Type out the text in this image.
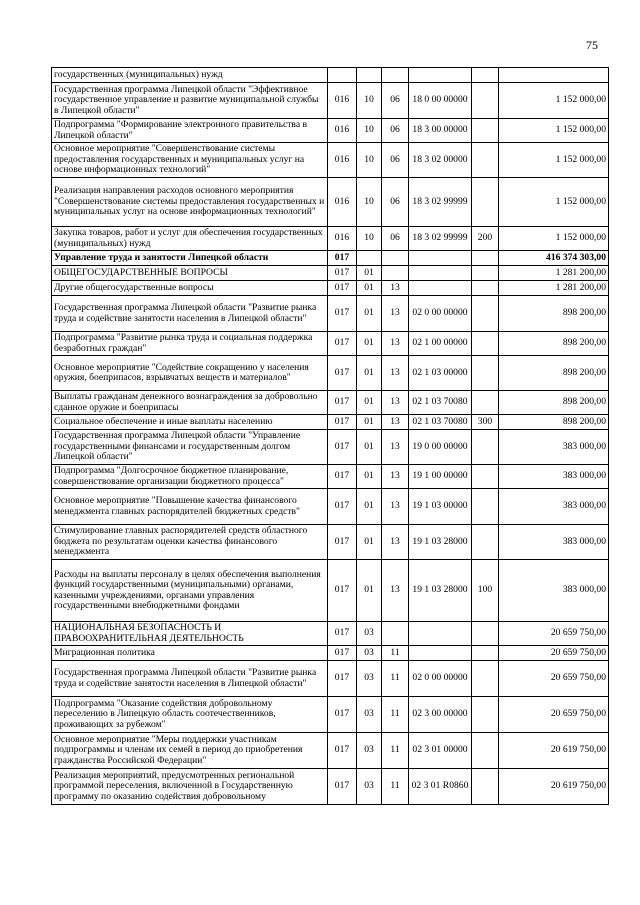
75
государственных (муниципальных) нужд						
Государственная программа Липецкой области "Эффективное государственное управление и развитие муниципальной службы в Липецкой области"	016	10	06	18 0 00 00000		1 152 000,00
Подпрограмма "Формирование электронного правительства в Липецкой области"	016	10	06	18 3 00 00000		1 152 000,00
Основное мероприятие "Совершенствование системы предоставления государственных и муниципальных услуг на основе информационных технологий"	016	10	06	18 3 02 00000		1 152 000,00
Реализация направления расходов основного мероприятия "Совершенствование системы предоставления государственных и муниципальных услуг на основе информационных технологий"	016	10	06	18 3 02 99999		1 152 000,00
Закупка товаров, работ и услуг для обеспечения государственных (муниципальных) нужд	016	10	06	18 3 02 99999	200	1 152 000,00
Управление труда и занятости Липецкой области	017					416 374 303,00
ОБЩЕГОСУДАРСТВЕННЫЕ ВОПРОСЫ	017	01				1 281 200,00
Другие общегосударственные вопросы	017	01	13			1 281 200,00
Государственная программа Липецкой области "Развитие рынка труда и содействие занятости населения в Липецкой области"	017	01	13	02 0 00 00000		898 200,00
Подпрограмма "Развитие рынка труда и социальная поддержка безработных граждан"	017	01	13	02 1 00 00000		898 200,00
Основное мероприятие "Содействие сокращению у населения оружия, боеприпасов, взрывчатых веществ и материалов"	017	01	13	02 1 03 00000		898 200,00
Выплаты гражданам денежного вознаграждения за добровольно сданное оружие и боеприпасы	017	01	13	02 1 03 70080		898 200,00
Социальное обеспечение и иные выплаты населению	017	01	13	02 1 03 70080	300	898 200,00
Государственная программа Липецкой области "Управление государственными финансами и государственным долгом Липецкой области"	017	01	13	19 0 00 00000		383 000,00
Подпрограмма "Долгосрочное бюджетное планирование, совершенствование организации бюджетного процесса"	017	01	13	19 1 00 00000		383 000,00
Основное мероприятие "Повышение качества финансового менеджмента главных распорядителей бюджетных средств"	017	01	13	19 1 03 00000		383 000,00
Стимулирование главных распорядителей средств областного бюджета по результатам оценки качества финансового менеджмента	017	01	13	19 1 03 28000		383 000,00
Расходы на выплаты персоналу в целях обеспечения выполнения функций государственными (муниципальными) органами, казенными учреждениями, органами управления государственными внебюджетными фондами	017	01	13	19 1 03 28000	100	383 000,00
НАЦИОНАЛЬНАЯ БЕЗОПАСНОСТЬ И ПРАВООХРАНИТЕЛЬНАЯ ДЕЯТЕЛЬНОСТЬ	017	03				20 659 750,00
Миграционная политика	017	03	11			20 659 750,00
Государственная программа Липецкой области "Развитие рынка труда и содействие занятости населения в Липецкой области"	017	03	11	02 0 00 00000		20 659 750,00
Подпрограмма "Оказание содействия добровольному переселению в Липецкую область соотечественников, проживающих за рубежом"	017	03	11	02 3 00 00000		20 659 750,00
Основное мероприятие "Меры поддержки участникам подпрограммы и членам их семей в период до приобретения гражданства Российской Федерации"	017	03	11	02 3 01 00000		20 619 750,00
Реализация мероприятий, предусмотренных региональной программой переселения, включенной в Государственную программу по оказанию содействия добровольному	017	03	11	02 3 01 R0860		20 619 750,00
